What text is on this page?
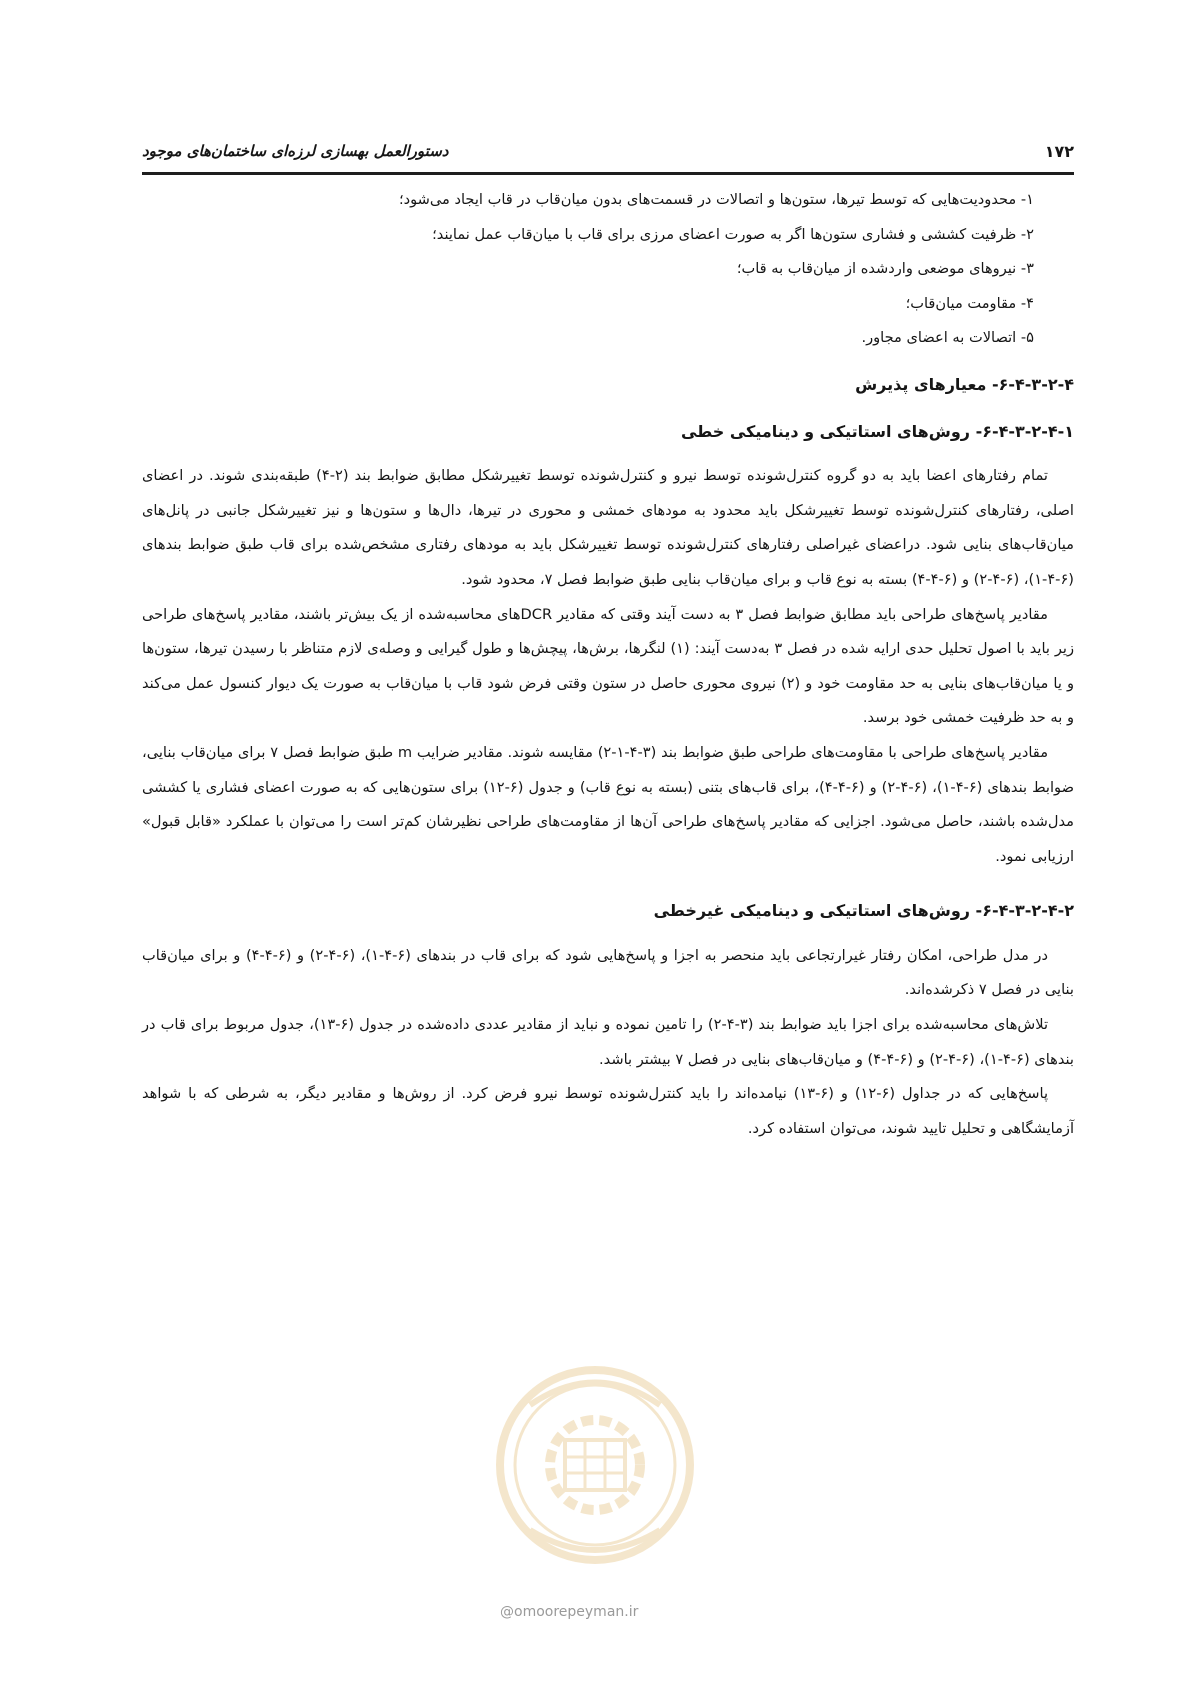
۱۷۲
دستورالعمل بهسازی لرزه‌ای ساختمان‌های موجود
۱- محدودیت‌هایی که توسط تیرها، ستون‌ها و اتصالات در قسمت‌های بدون میان‌قاب در قاب ایجاد می‌شود؛
۲- ظرفیت کششی و فشاری ستون‌ها اگر به صورت اعضای مرزی برای قاب با میان‌قاب عمل نمایند؛
۳- نیروهای موضعی واردشده از میان‌قاب به قاب؛
۴- مقاومت میان‌قاب؛
۵- اتصالات به اعضای مجاور.
۶-۴-۳-۲-۴- معیارهای پذیرش
۶-۴-۳-۲-۴-۱- روش‌های استاتیکی و دینامیکی خطی

تمام رفتارهای اعضا باید به دو گروه کنترل‌شونده توسط نیرو و کنترل‌شونده توسط تغییرشکل مطابق ضوابط بند (۲-۴) طبقه‌بندی شوند. در اعضای اصلی، رفتارهای کنترل‌شونده توسط تغییرشکل باید محدود به مودهای خمشی و محوری در تیرها، دال‌ها و ستون‌ها و نیز تغییرشکل جانبی در پانل‌های میان‌قاب‌های بنایی شود. دراعضای غیراصلی رفتارهای کنترل‌شونده توسط تغییرشکل باید به مودهای رفتاری مشخص‌شده برای قاب طبق ضوابط بندهای (۶-۴-۱)، (۶-۴-۲) و (۶-۴-۴) بسته به نوع قاب و برای میان‌قاب بنایی طبق ضوابط فصل ۷، محدود شود.

مقادیر پاسخ‌های طراحی باید مطابق ضوابط فصل ۳ به دست آیند وقتی که مقادیر DCRهای محاسبه‌شده از یک بیش‌تر باشند، مقادیر پاسخ‌های طراحی زیر باید با اصول تحلیل حدی ارایه شده در فصل ۳ به‌دست آیند: (۱) لنگرها، برش‌ها، پیچش‌ها و طول گیرایی و وصله‌ی لازم متناظر با رسیدن تیرها، ستون‌ها و یا میان‌قاب‌های بنایی به حد مقاومت خود و (۲) نیروی محوری حاصل در ستون وقتی فرض شود قاب با میان‌قاب به صورت یک دیوار کنسول عمل می‌کند و به حد ظرفیت خمشی خود برسد.

مقادیر پاسخ‌های طراحی با مقاومت‌های طراحی طبق ضوابط بند (۳-۴-۱-۲) مقایسه شوند. مقادیر ضرایب m طبق ضوابط فصل ۷ برای میان‌قاب بنایی، ضوابط بندهای (۶-۴-۱)، (۶-۴-۲) و (۶-۴-۴)، برای قاب‌های بتنی (بسته به نوع قاب) و جدول (۶-۱۲) برای ستون‌هایی که به صورت اعضای فشاری یا کششی مدل‌شده باشند، حاصل می‌شود. اجزایی که مقادیر پاسخ‌های طراحی آن‌ها از مقاومت‌های طراحی نظیرشان کم‌تر است را می‌توان با عملکرد «قابل قبول» ارزیابی نمود.

۶-۴-۳-۲-۴-۲- روش‌های استاتیکی و دینامیکی غیرخطی

در مدل طراحی، امکان رفتار غیرارتجاعی باید منحصر به اجزا و پاسخ‌هایی شود که برای قاب در بندهای (۶-۴-۱)، (۶-۴-۲) و (۶-۴-۴) و برای میان‌قاب بنایی در فصل ۷ ذکرشده‌اند.

تلاش‌های محاسبه‌شده برای اجزا باید ضوابط بند (۳-۴-۲) را تامین نموده و نباید از مقادیر عددی داده‌شده در جدول (۶-۱۳)، جدول مربوط برای قاب در بندهای (۶-۴-۱)، (۶-۴-۲) و (۶-۴-۴) و میان‌قاب‌های بنایی در فصل ۷ بیشتر باشد.

پاسخ‌هایی که در جداول (۶-۱۲) و (۶-۱۳) نیامده‌اند را باید کنترل‌شونده توسط نیرو فرض کرد. از روش‌ها و مقادیر دیگر، به شرطی که با شواهد آزمایشگاهی و تحلیل تایید شوند، می‌توان استفاده کرد.

@omoorepeyman.ir
